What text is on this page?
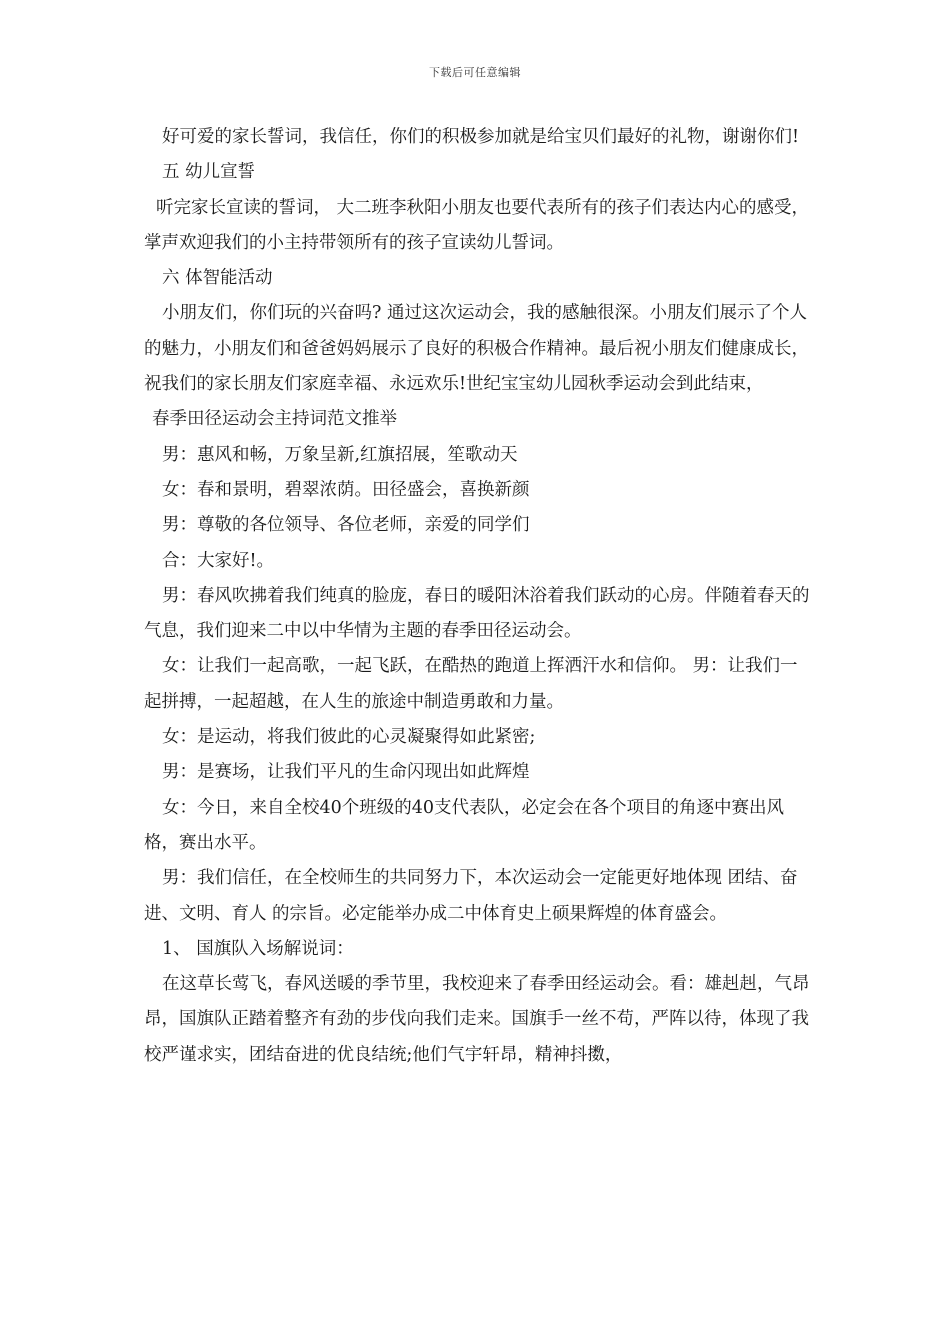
下载后可任意编辑

好可爱的家长誓词，我信任，你们的积极参加就是给宝贝们最好的礼物，谢谢你们!

五 幼儿宣誓

听完家长宣读的誓词， 大二班李秋阳小朋友也要代表所有的孩子们表达内心的感受，掌声欢迎我们的小主持带领所有的孩子宣读幼儿誓词。

六 体智能活动

小朋友们，你们玩的兴奋吗? 通过这次运动会，我的感触很深。小朋友们展示了个人的魅力，小朋友们和爸爸妈妈展示了良好的积极合作精神。最后祝小朋友们健康成长，祝我们的家长朋友们家庭幸福、永远欢乐!世纪宝宝幼儿园秋季运动会到此结束，

春季田径运动会主持词范文推举

男：惠风和畅，万象呈新,红旗招展，笙歌动天

女：春和景明，碧翠浓荫。田径盛会，喜换新颜

男：尊敬的各位领导、各位老师，亲爱的同学们

合：大家好!。

男：春风吹拂着我们纯真的脸庞，春日的暖阳沐浴着我们跃动的心房。伴随着春天的气息，我们迎来二中以中华情为主题的春季田径运动会。

女：让我们一起高歌，一起飞跃，在酷热的跑道上挥洒汗水和信仰。 男：让我们一起拼搏，一起超越，在人生的旅途中制造勇敢和力量。

女：是运动，将我们彼此的心灵凝聚得如此紧密;

男：是赛场，让我们平凡的生命闪现出如此辉煌

女：今日，来自全校40个班级的40支代表队，必定会在各个项目的角逐中赛出风格，赛出水平。

男：我们信任，在全校师生的共同努力下，本次运动会一定能更好地体现 团结、奋进、文明、育人 的宗旨。必定能举办成二中体育史上硕果辉煌的体育盛会。

1、 国旗队入场解说词：

在这草长莺飞，春风送暖的季节里，我校迎来了春季田经运动会。看：雄赳赳，气昂昂，国旗队正踏着整齐有劲的步伐向我们走来。国旗手一丝不苟，严阵以待，体现了我校严谨求实，团结奋进的优良结统;他们气宇轩昂，精神抖擞，
